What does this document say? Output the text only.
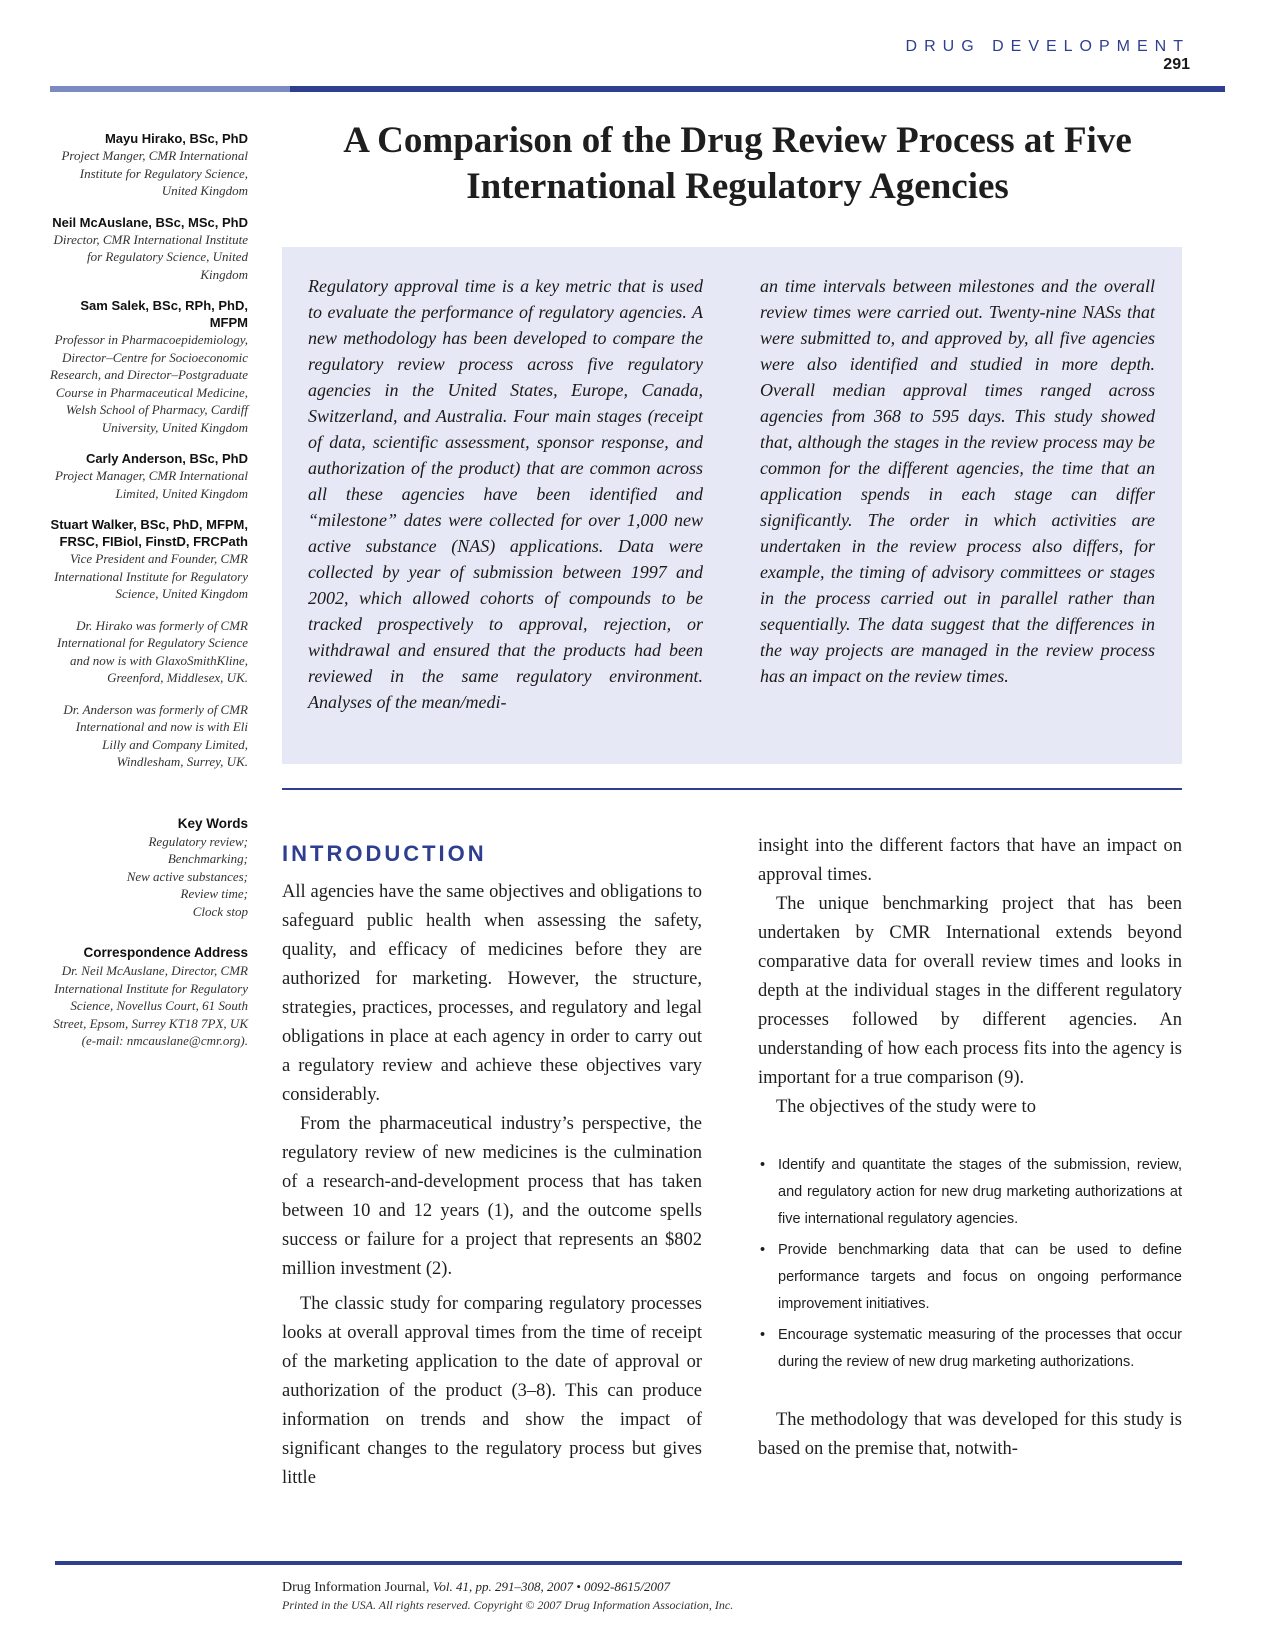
DRUG DEVELOPMENT 291
Mayu Hirako, BSc, PhD
Project Manger, CMR International Institute for Regulatory Science, United Kingdom
Neil McAuslane, BSc, MSc, PhD
Director, CMR International Institute for Regulatory Science, United Kingdom
Sam Salek, BSc, RPh, PhD, MFPM
Professor in Pharmacoepidemiology, Director–Centre for Socioeconomic Research, and Director–Postgraduate Course in Pharmaceutical Medicine, Welsh School of Pharmacy, Cardiff University, United Kingdom
Carly Anderson, BSc, PhD
Project Manager, CMR International Limited, United Kingdom
Stuart Walker, BSc, PhD, MFPM, FRSC, FIBiol, FinstD, FRCPath
Vice President and Founder, CMR International Institute for Regulatory Science, United Kingdom
Dr. Hirako was formerly of CMR International for Regulatory Science and now is with GlaxoSmithKline, Greenford, Middlesex, UK.
Dr. Anderson was formerly of CMR International and now is with Eli Lilly and Company Limited, Windlesham, Surrey, UK.
Key Words
Regulatory review;
Benchmarking;
New active substances;
Review time;
Clock stop
Correspondence Address
Dr. Neil McAuslane, Director, CMR International Institute for Regulatory Science, Novellus Court, 61 South Street, Epsom, Surrey KT18 7PX, UK (e-mail: nmcauslane@cmr.org).
A Comparison of the Drug Review Process at Five International Regulatory Agencies
Regulatory approval time is a key metric that is used to evaluate the performance of regulatory agencies. A new methodology has been developed to compare the regulatory review process across five regulatory agencies in the United States, Europe, Canada, Switzerland, and Australia. Four main stages (receipt of data, scientific assessment, sponsor response, and authorization of the product) that are common across all these agencies have been identified and “milestone” dates were collected for over 1,000 new active substance (NAS) applications. Data were collected by year of submission between 1997 and 2002, which allowed cohorts of compounds to be tracked prospectively to approval, rejection, or withdrawal and ensured that the products had been reviewed in the same regulatory environment. Analyses of the mean/medi-
an time intervals between milestones and the overall review times were carried out. Twenty-nine NASs that were submitted to, and approved by, all five agencies were also identified and studied in more depth. Overall median approval times ranged across agencies from 368 to 595 days. This study showed that, although the stages in the review process may be common for the different agencies, the time that an application spends in each stage can differ significantly. The order in which activities are undertaken in the review process also differs, for example, the timing of advisory committees or stages in the process carried out in parallel rather than sequentially. The data suggest that the differences in the way projects are managed in the review process has an impact on the review times.
INTRODUCTION

All agencies have the same objectives and obligations to safeguard public health when assessing the safety, quality, and efficacy of medicines before they are authorized for marketing. However, the structure, strategies, practices, processes, and regulatory and legal obligations in place at each agency in order to carry out a regulatory review and achieve these objectives vary considerably.

From the pharmaceutical industry’s perspective, the regulatory review of new medicines is the culmination of a research-and-development process that has taken between 10 and 12 years (1), and the outcome spells success or failure for a project that represents an $802 million investment (2).

The classic study for comparing regulatory processes looks at overall approval times from the time of receipt of the marketing application to the date of approval or authorization of the product (3–8). This can produce information on trends and show the impact of significant changes to the regulatory process but gives little

insight into the different factors that have an impact on approval times.

The unique benchmarking project that has been undertaken by CMR International extends beyond comparative data for overall review times and looks in depth at the individual stages in the different regulatory processes followed by different agencies. An understanding of how each process fits into the agency is important for a true comparison (9).

The objectives of the study were to

• Identify and quantitate the stages of the submission, review, and regulatory action for new drug marketing authorizations at five international regulatory agencies.
• Provide benchmarking data that can be used to define performance targets and focus on ongoing performance improvement initiatives.
• Encourage systematic measuring of the processes that occur during the review of new drug marketing authorizations.

The methodology that was developed for this study is based on the premise that, notwith-

Drug Information Journal, Vol. 41, pp. 291–308, 2007 • 0092-8615/2007
Printed in the USA. All rights reserved. Copyright © 2007 Drug Information Association, Inc.
